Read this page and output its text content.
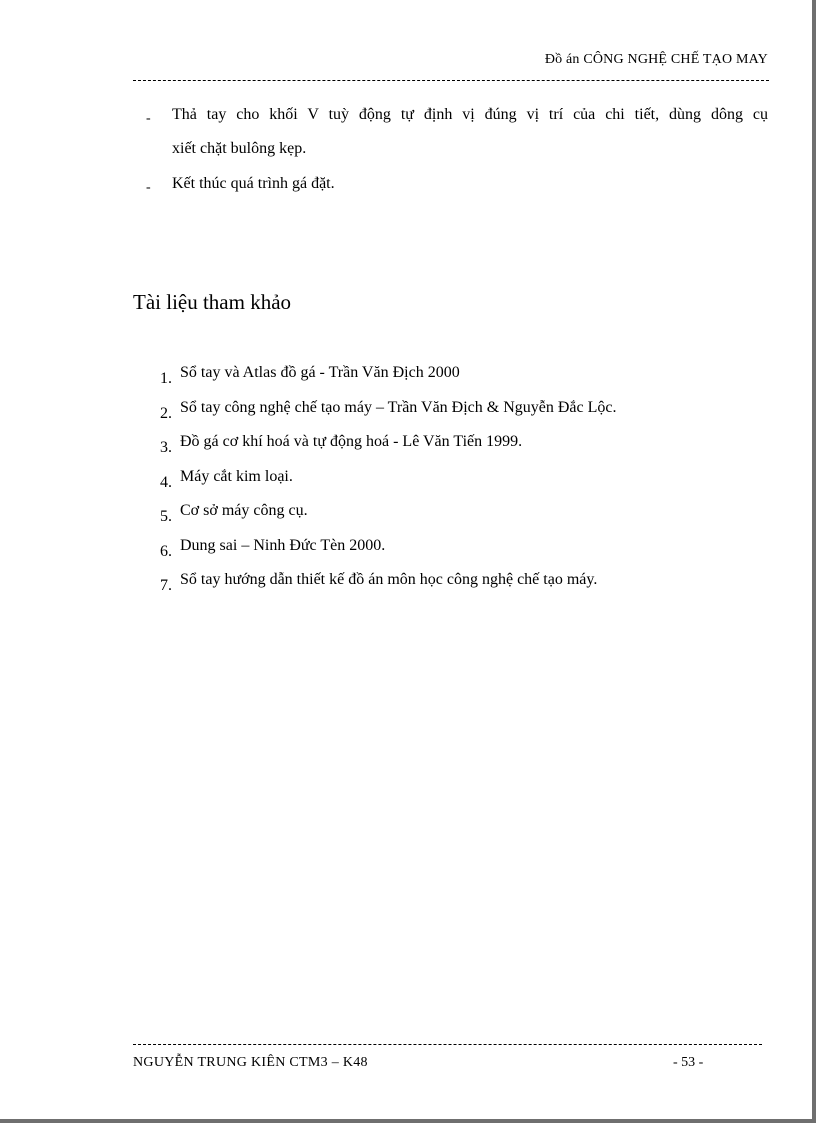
Đồ án CÔNG NGHỆ CHẾ TẠO MAY
- Thả tay cho khối V tuỳ động tự định vị đúng vị trí của chi tiết, dùng dông cụ
xiết chặt bulông kẹp.
- Kết thúc quá trình gá đặt.
Tài liệu tham khảo
1. Sổ tay và Atlas đồ gá - Trần Văn Địch 2000
2. Sổ tay công nghệ chế tạo máy – Trần Văn Địch & Nguyễn Đắc Lộc.
3. Đồ gá cơ khí hoá và tự động hoá - Lê Văn Tiến 1999.
4. Máy cắt kim loại.
5. Cơ sở máy công cụ.
6. Dung sai – Ninh Đức Tèn 2000.
7. Sổ tay hướng dẫn thiết kế đồ án môn học công nghệ chế tạo máy.
NGUYỄN TRUNG KIÊN CTM3 – K48	- 53 -
